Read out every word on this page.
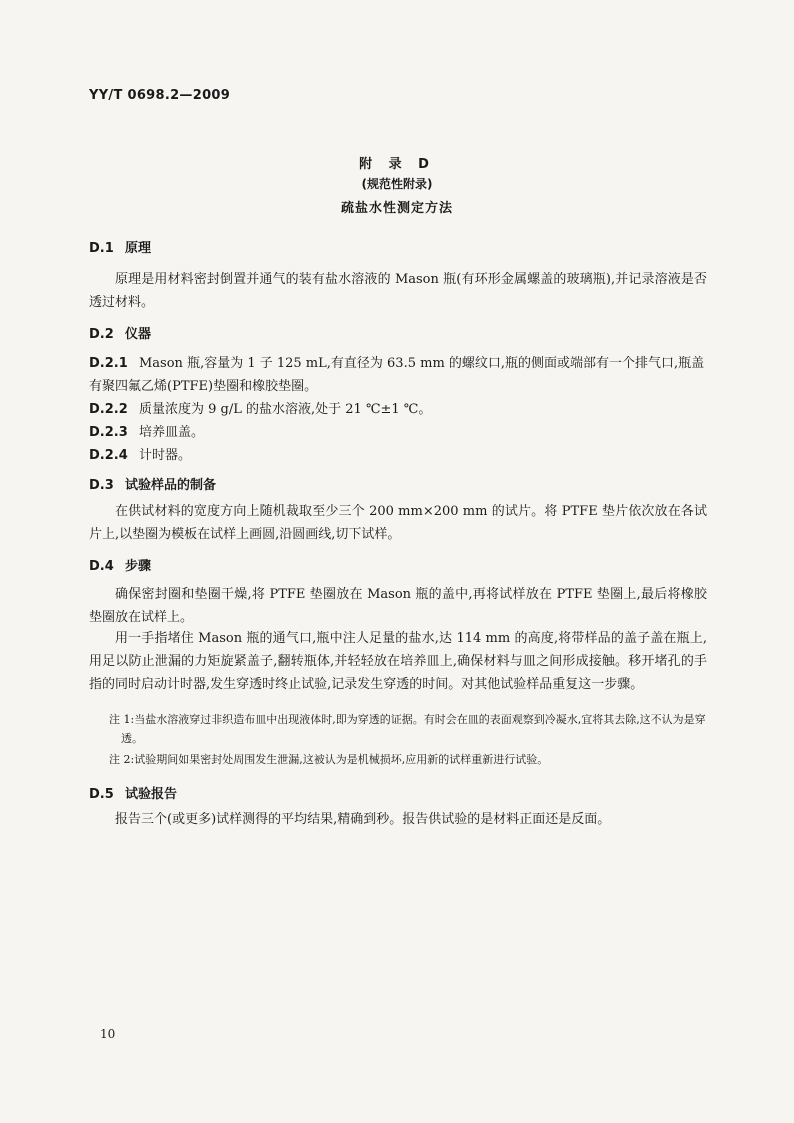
YY/T 0698.2—2009
附 录 D
(规范性附录)
疏盐水性测定方法
D.1 原理
原理是用材料密封倒置并通气的装有盐水溶液的 Mason 瓶(有环形金属螺盖的玻璃瓶),并记录溶液是否透过材料。
D.2 仪器
D.2.1 Mason 瓶,容量为 1 子 125 mL,有直径为 63.5 mm 的螺纹口,瓶的侧面或端部有一个排气口,瓶盖有聚四氟乙烯(PTFE)垫圈和橡胶垫圈。
D.2.2 质量浓度为 9 g/L 的盐水溶液,处于 21 ℃±1 ℃。
D.2.3 培养皿盖。
D.2.4 计时器。
D.3 试验样品的制备
在供试材料的宽度方向上随机裁取至少三个 200 mm×200 mm 的试片。将 PTFE 垫片依次放在各试片上,以垫圈为模板在试样上画圆,沿圆画线,切下试样。
D.4 步骤
确保密封圈和垫圈干燥,将 PTFE 垫圈放在 Mason 瓶的盖中,再将试样放在 PTFE 垫圈上,最后将橡胶垫圈放在试样上。
用一手指堵住 Mason 瓶的通气口,瓶中注人足量的盐水,达 114 mm 的高度,将带样品的盖子盖在瓶上,用足以防止泄漏的力矩旋紧盖子,翻转瓶体,并轻轻放在培养皿上,确保材料与皿之间形成接触。移开堵孔的手指的同时启动计时器,发生穿透时终止试验,记录发生穿透的时间。对其他试验样品重复这一步骤。
注 1:当盐水溶液穿过非织造布皿中出现液体时,即为穿透的证据。有时会在皿的表面观察到冷凝水,宜将其去除,这不认为是穿透。
注 2:试验期间如果密封处周围发生泄漏,这被认为是机械损坏,应用新的试样重新进行试验。
D.5 试验报告
报告三个(或更多)试样测得的平均结果,精确到秒。报告供试验的是材料正面还是反面。
10
